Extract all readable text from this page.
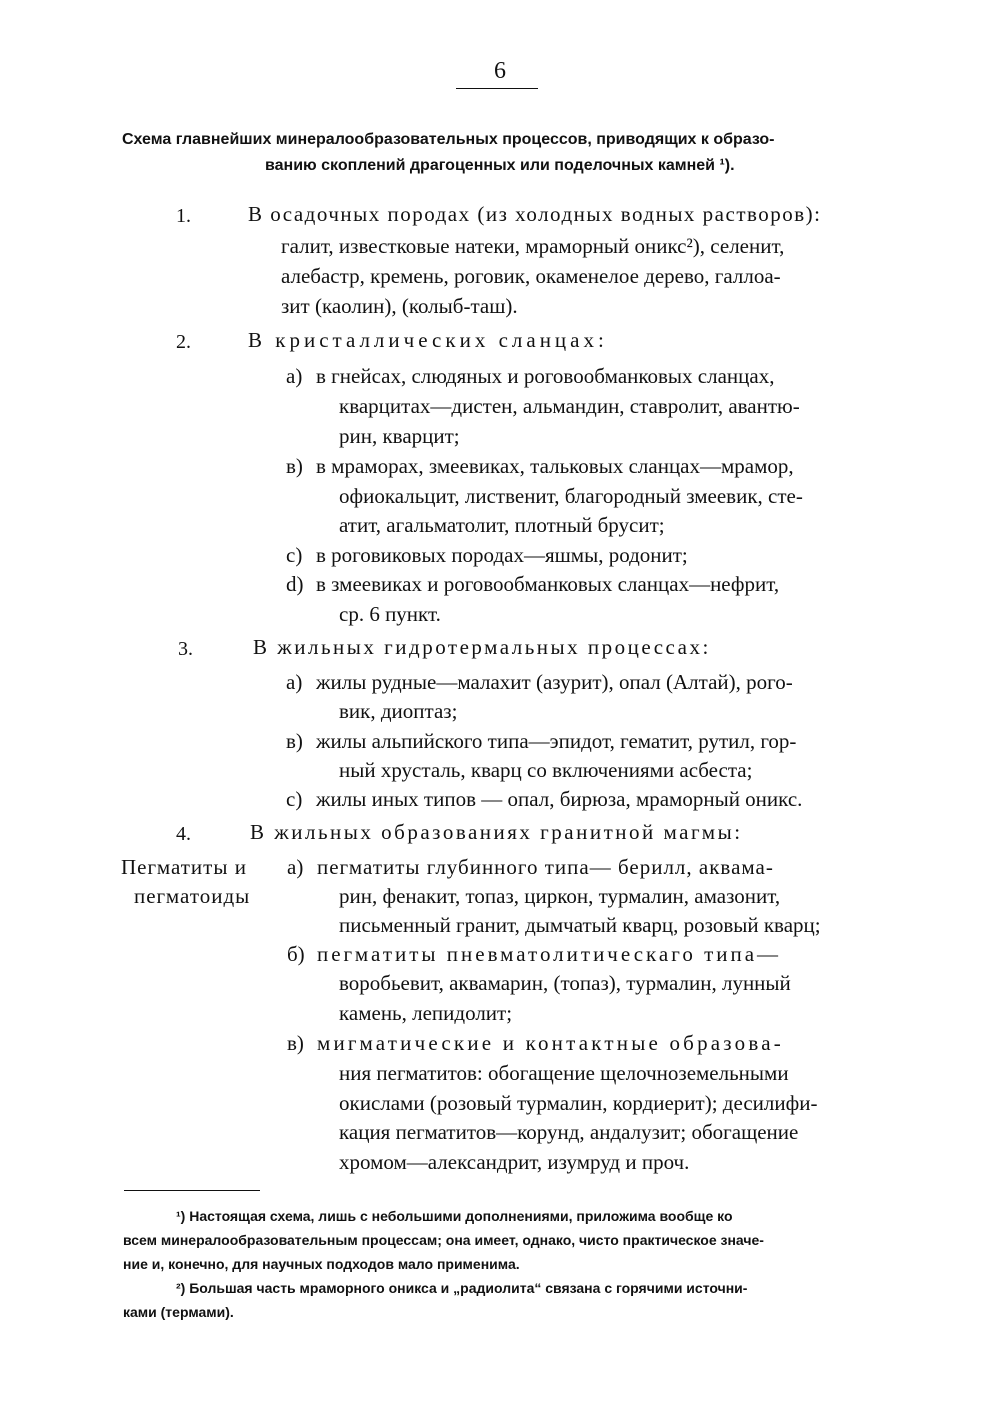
6
Схема главнейших минералообразовательных процессов, приводящих к образо-
ванию скоплений драгоценных или поделочных камней ¹).
1.	В осадочных породах (из холодных водных растворов):
галит, известковые натеки, мраморный оникс²), селенит,
алебастр, кремень, роговик, окаменелое дерево, галлоа-
зит (каолин), (колыб-таш).
2.	В кристаллических сланцах:
а) в гнейсах, слюдяных и роговообманковых сланцах,
кварцитах—дистен, альмандин, ставролит, авантю-
рин, кварцит;
в) в мраморах, змеевиках, тальковых сланцах—мрамор,
офиокальцит, лиственит, благородный змеевик, сте-
атит, агальматолит, плотный брусит;
с) в роговиковых породах—яшмы, родонит;
d) в змеевиках и роговообманковых сланцах—нефрит,
ср. 6 пункт.
3.	В жильных гидротермальных процессах:
а) жилы рудные—малахит (азурит), опал (Алтай), рого-
вик, диоптаз;
в) жилы альпийского типа—эпидот, гематит, рутил, гор-
ный хрусталь, кварц со включениями асбеста;
с) жилы иных типов — опал, бирюза, мраморный оникс.
4.	В жильных образованиях гранитной магмы:
Пегматиты и
пегматоиды
а) пегматиты глубинного типа— берилл, аквама-
рин, фенакит, топаз, циркон, турмалин, амазонит,
письменный гранит, дымчатый кварц, розовый кварц;
б) пегматиты пневматолитическаго типа—
воробьевит, аквамарин, (топаз), турмалин, лунный
камень, лепидолит;
в) мигматические и контактные образова-
ния пегматитов: обогащение щелочноземельными
окислами (розовый турмалин, кордиерит); десилифи-
кация пегматитов—корунд, андалузит; обогащение
хромом—александрит, изумруд и проч.
¹) Настоящая схема, лишь с небольшими дополнениями, приложима вообще ко
всем минералообразовательным процессам; она имеет, однако, чисто практическое значе-
ние и, конечно, для научных подходов мало применима.
²) Большая часть мраморного оникса и „радиолита“ связана с горячими источни-
ками (термами).
